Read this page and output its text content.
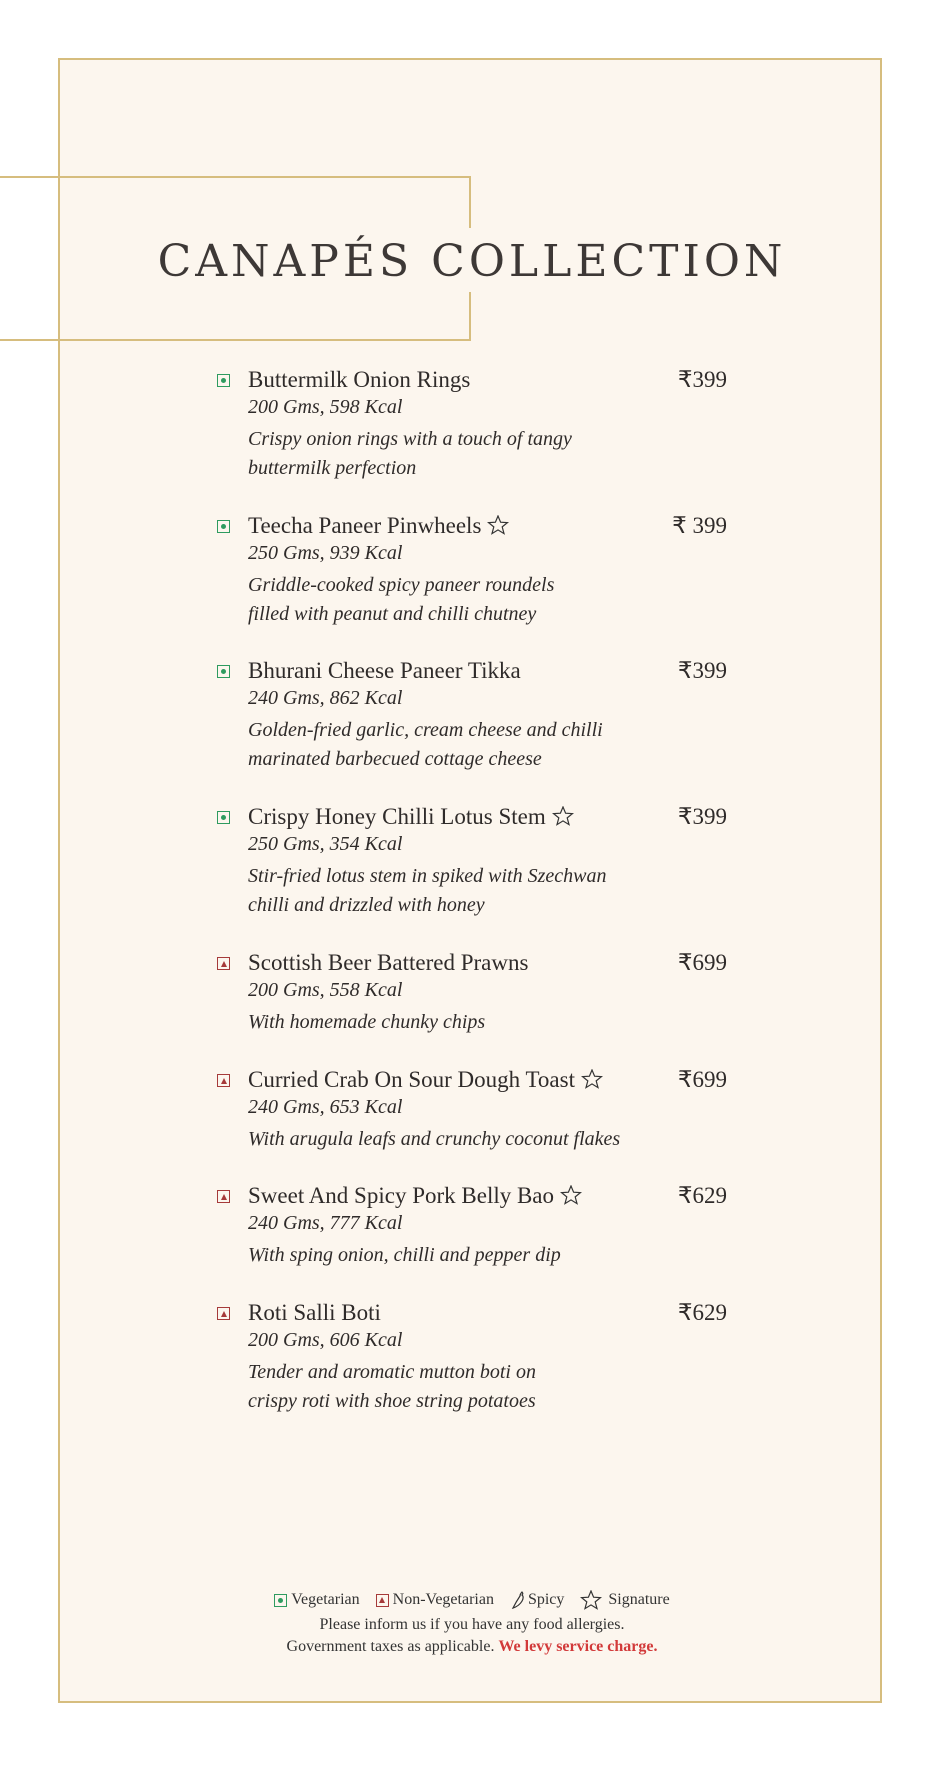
CANAPÉS COLLECTION
Buttermilk Onion Rings	₹399
200 Gms, 598 Kcal
Crispy onion rings with a touch of tangy
buttermilk perfection
Teecha Paneer Pinwheels	₹ 399
250 Gms, 939 Kcal
Griddle-cooked spicy paneer roundels
filled with peanut and chilli chutney
Bhurani Cheese Paneer Tikka	₹399
240 Gms, 862 Kcal
Golden-fried garlic, cream cheese and chilli
marinated barbecued cottage cheese
Crispy Honey Chilli Lotus Stem	₹399
250 Gms, 354 Kcal
Stir-fried lotus stem in spiked with Szechwan
chilli and drizzled with honey
Scottish Beer Battered Prawns	₹699
200 Gms, 558 Kcal
With homemade chunky chips
Curried Crab On Sour Dough Toast	₹699
240 Gms, 653 Kcal
With arugula leafs and crunchy coconut flakes
Sweet And Spicy Pork Belly Bao	₹629
240 Gms, 777 Kcal
With sping onion, chilli and pepper dip
Roti Salli Boti	₹629
200 Gms, 606 Kcal
Tender and aromatic mutton boti on
crispy roti with shoe string potatoes
Vegetarian Non-Vegetarian Spicy	Signature
Please inform us if you have any food allergies.
Government taxes as applicable. We levy service charge.
